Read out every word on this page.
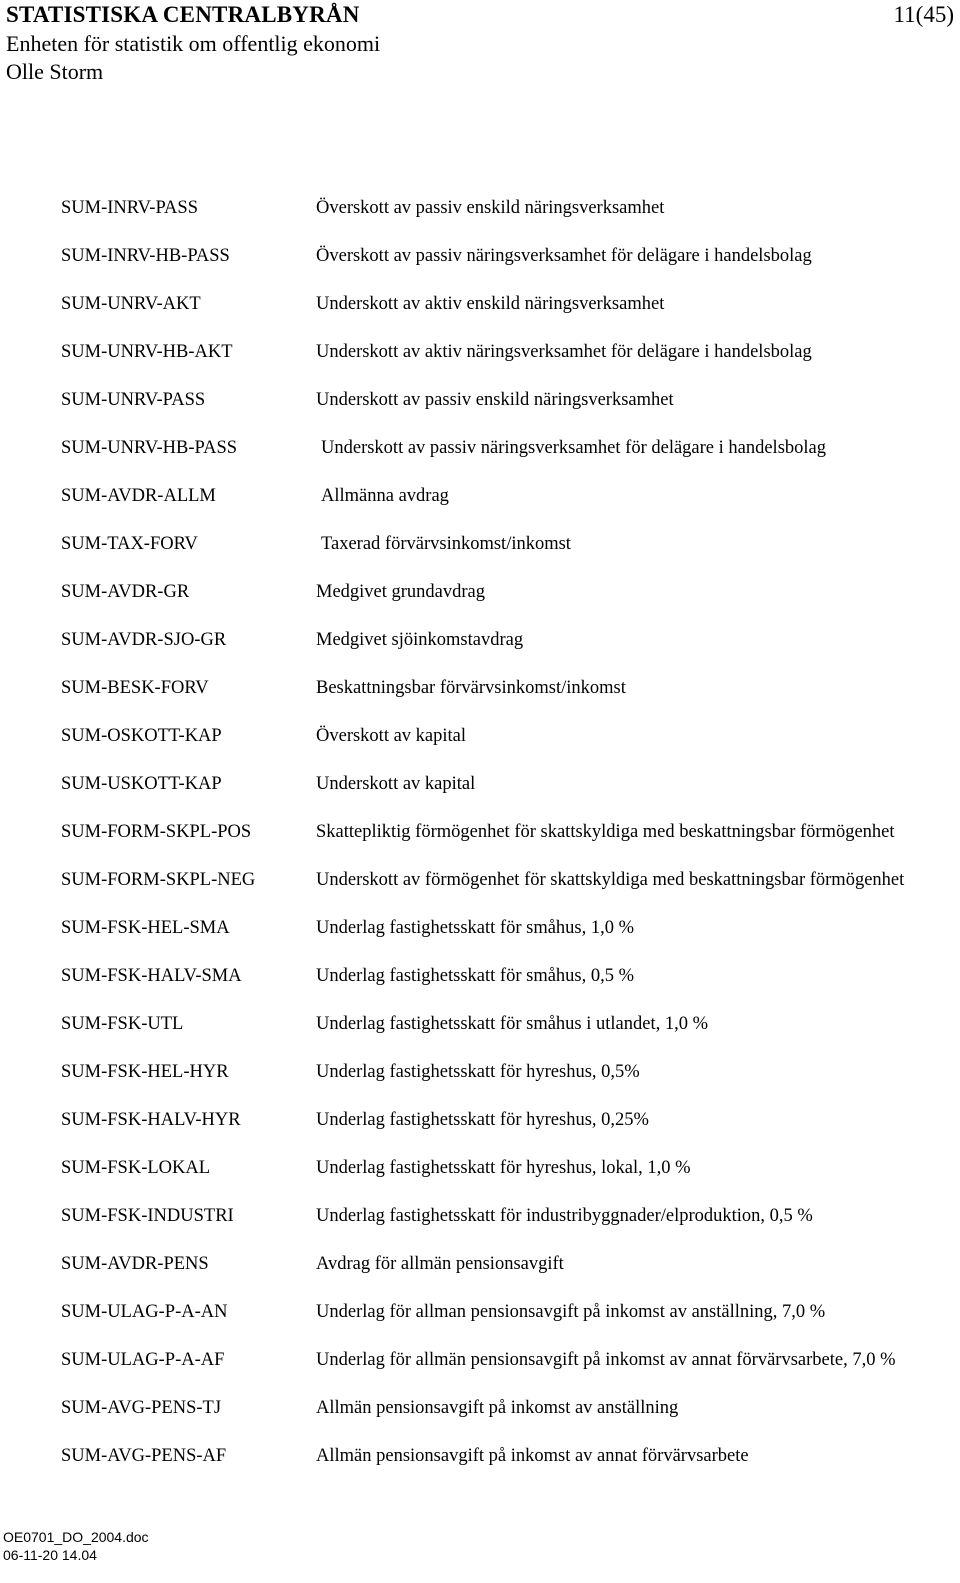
STATISTISKA CENTRALBYRÅN	11(45)
Enheten för statistik om offentlig ekonomi
Olle Storm
SUM-INRV-PASS	Överskott av passiv enskild näringsverksamhet
SUM-INRV-HB-PASS	Överskott av passiv näringsverksamhet för delägare i handelsbolag
SUM-UNRV-AKT	Underskott av aktiv enskild näringsverksamhet
SUM-UNRV-HB-AKT	Underskott av aktiv näringsverksamhet för delägare i handelsbolag
SUM-UNRV-PASS	Underskott av passiv enskild näringsverksamhet
SUM-UNRV-HB-PASS	Underskott av passiv näringsverksamhet för delägare i handelsbolag
SUM-AVDR-ALLM	Allmänna avdrag
SUM-TAX-FORV	Taxerad förvärvsinkomst/inkomst
SUM-AVDR-GR	Medgivet grundavdrag
SUM-AVDR-SJO-GR	Medgivet sjöinkomstavdrag
SUM-BESK-FORV	Beskattningsbar förvärvsinkomst/inkomst
SUM-OSKOTT-KAP	Överskott av kapital
SUM-USKOTT-KAP	Underskott av kapital
SUM-FORM-SKPL-POS	Skattepliktig förmögenhet för skattskyldiga med beskattningsbar förmögenhet
SUM-FORM-SKPL-NEG	Underskott av förmögenhet för skattskyldiga med beskattningsbar förmögenhet
SUM-FSK-HEL-SMA	Underlag fastighetsskatt för småhus, 1,0 %
SUM-FSK-HALV-SMA	Underlag fastighetsskatt för småhus, 0,5 %
SUM-FSK-UTL	Underlag fastighetsskatt för småhus i utlandet, 1,0 %
SUM-FSK-HEL-HYR	Underlag fastighetsskatt för hyreshus, 0,5%
SUM-FSK-HALV-HYR	Underlag fastighetsskatt för hyreshus, 0,25%
SUM-FSK-LOKAL	Underlag fastighetsskatt för hyreshus, lokal, 1,0 %
SUM-FSK-INDUSTRI	Underlag fastighetsskatt för industribyggnader/elproduktion, 0,5 %
SUM-AVDR-PENS	Avdrag för allmän pensionsavgift
SUM-ULAG-P-A-AN	Underlag för allman pensionsavgift på inkomst av anställning, 7,0 %
SUM-ULAG-P-A-AF	Underlag för allmän pensionsavgift på inkomst av annat förvärvsarbete, 7,0 %
SUM-AVG-PENS-TJ	Allmän pensionsavgift på inkomst av anställning
SUM-AVG-PENS-AF	Allmän pensionsavgift på inkomst av annat förvärvsarbete
OE0701_DO_2004.doc
06-11-20 14.04
